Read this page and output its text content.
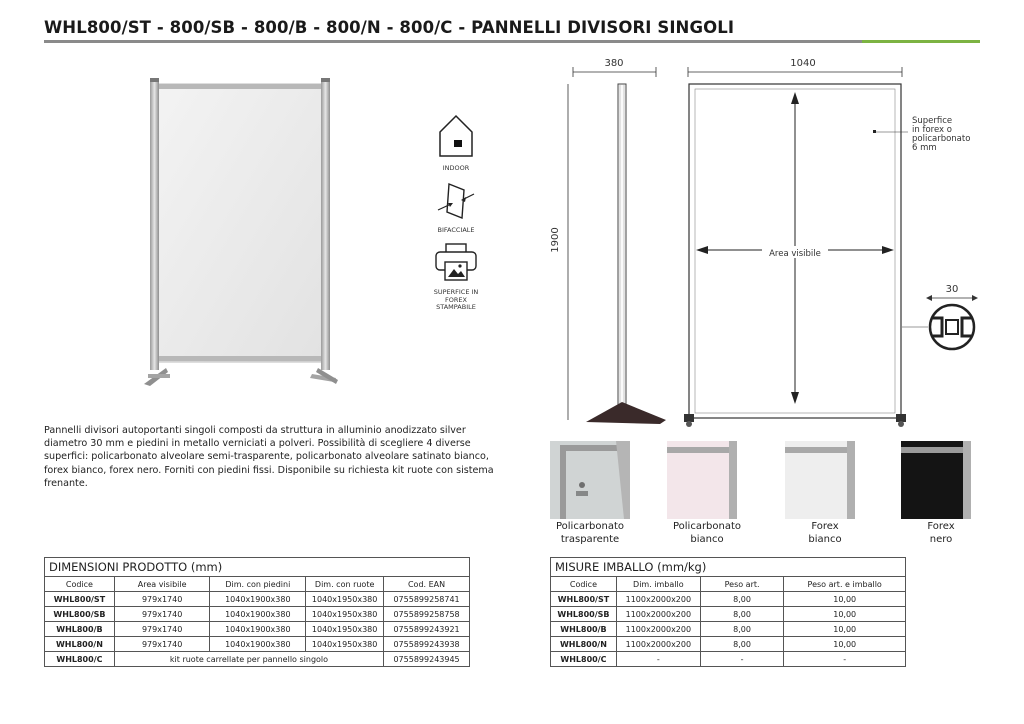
WHL800/ST - 800/SB - 800/B - 800/N - 800/C - PANNELLI DIVISORI SINGOLI
INDOOR
BIFACCIALE
SUPERFICE IN FOREX STAMPABILE
Pannelli divisori autoportanti singoli composti da struttura in alluminio anodizzato silver diametro 30 mm e piedini in metallo verniciati a polveri. Possibilità di scegliere 4 diverse superfici: policarbonato alveolare semi-trasparente, policarbonato alveolare satinato bianco, forex bianco, forex nero. Forniti con piedini fissi. Disponibile su richiesta kit ruote con sistema frenante.
380
1900
1040
Area visibile
Superfice
in forex o
policarbonato
6 mm
30
Policarbonato
trasparente
Policarbonato
bianco
Forex
bianco
Forex
nero
DIMENSIONI PRODOTTO (mm)				
Codice	Area visibile	Dim. con piedini	Dim. con ruote	Cod. EAN
WHL800/ST	979x1740	1040x1900x380	1040x1950x380	0755899258741
WHL800/SB	979x1740	1040x1900x380	1040x1950x380	0755899258758
WHL800/B	979x1740	1040x1900x380	1040x1950x380	0755899243921
WHL800/N	979x1740	1040x1900x380	1040x1950x380	0755899243938
WHL800/C	kit ruote carrellate per pannello singolo			0755899243945
MISURE IMBALLO (mm/kg)			
Codice	Dim. imballo	Peso art.	Peso art. e imballo
WHL800/ST	1100x2000x200	8,00	10,00
WHL800/SB	1100x2000x200	8,00	10,00
WHL800/B	1100x2000x200	8,00	10,00
WHL800/N	1100x2000x200	8,00	10,00
WHL800/C	-	-	-
